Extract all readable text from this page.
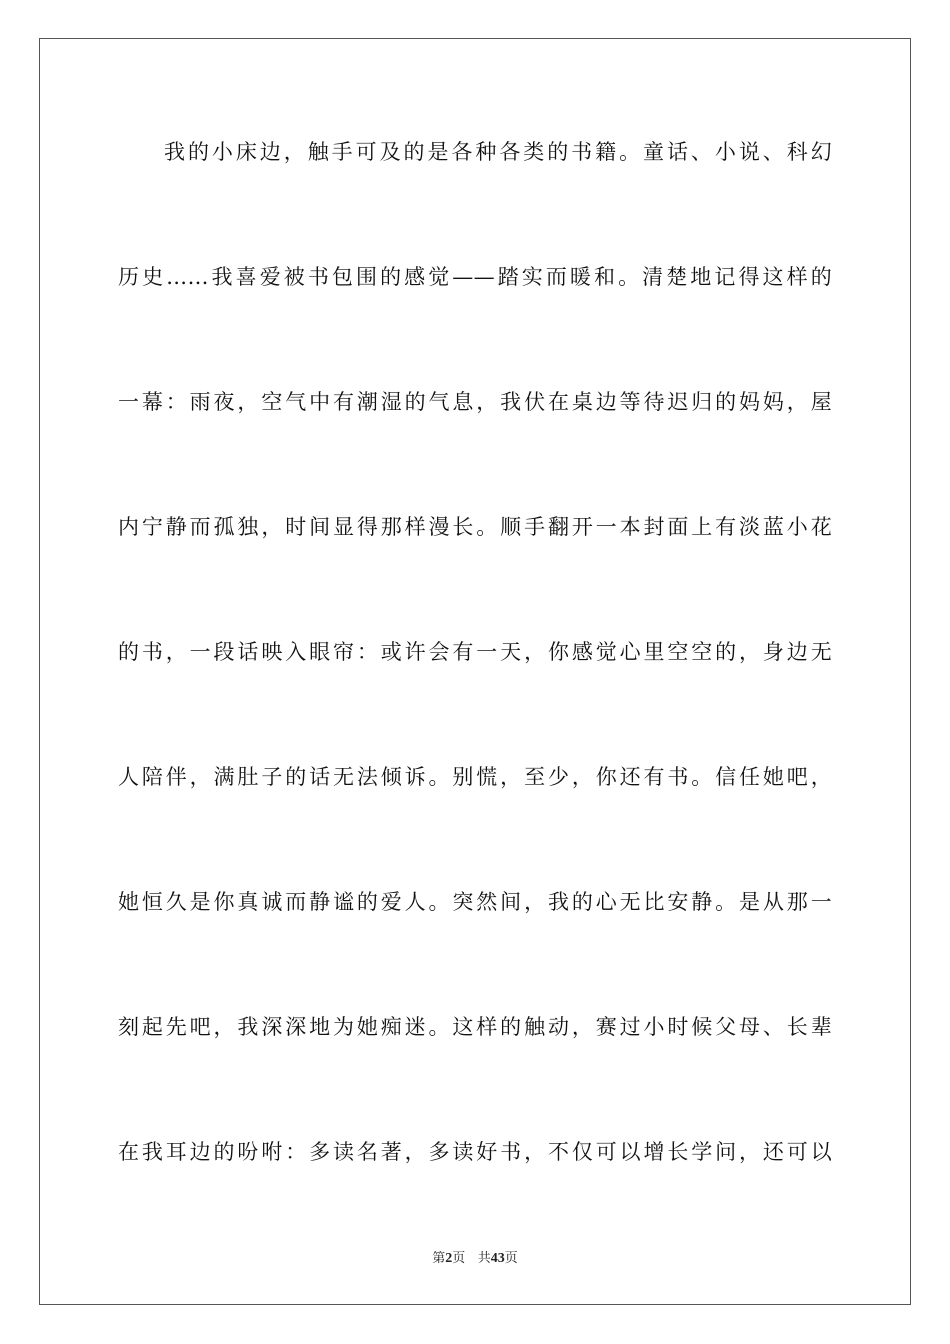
我的小床边，触手可及的是各种各类的书籍。童话、小说、科幻
历史……我喜爱被书包围的感觉——踏实而暖和。清楚地记得这样的
一幕：雨夜，空气中有潮湿的气息，我伏在桌边等待迟归的妈妈，屋
内宁静而孤独，时间显得那样漫长。顺手翻开一本封面上有淡蓝小花
的书，一段话映入眼帘：或许会有一天，你感觉心里空空的，身边无
人陪伴，满肚子的话无法倾诉。别慌，至少，你还有书。信任她吧，
她恒久是你真诚而静谧的爱人。突然间，我的心无比安静。是从那一
刻起先吧，我深深地为她痴迷。这样的触动，赛过小时候父母、长辈
在我耳边的吩咐：多读名著，多读好书，不仅可以增长学问，还可以
第2页 共43页
